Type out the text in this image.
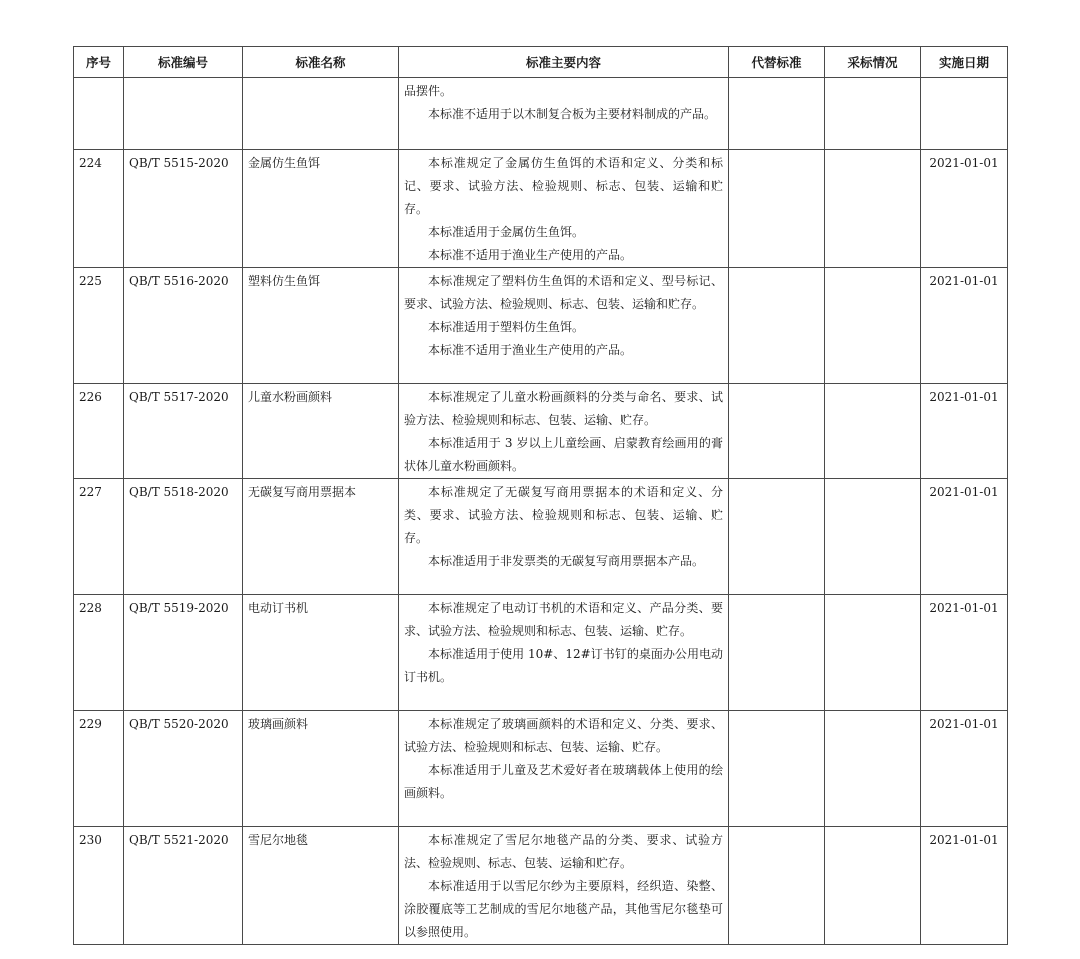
序号	标准编号	标准名称	标准主要内容	代替标准	采标情况	实施日期

			品摆件。

本标准不适用于以木制复合板为主要材料制成的产品。			

224	QB/T 5515-2020	金属仿生鱼饵	本标准规定了金属仿生鱼饵的术语和定义、分类和标记、要求、试验方法、检验规则、标志、包装、运输和贮存。

本标准适用于金属仿生鱼饵。

本标准不适用于渔业生产使用的产品。			2021-01-01
225	QB/T 5516-2020	塑料仿生鱼饵	本标准规定了塑料仿生鱼饵的术语和定义、型号标记、要求、试验方法、检验规则、标志、包装、运输和贮存。

本标准适用于塑料仿生鱼饵。

本标准不适用于渔业生产使用的产品。			2021-01-01
226	QB/T 5517-2020	儿童水粉画颜料	本标准规定了儿童水粉画颜料的分类与命名、要求、试验方法、检验规则和标志、包装、运输、贮存。

本标准适用于 3 岁以上儿童绘画、启蒙教育绘画用的膏状体儿童水粉画颜料。			2021-01-01
227	QB/T 5518-2020	无碳复写商用票据本	本标准规定了无碳复写商用票据本的术语和定义、分类、要求、试验方法、检验规则和标志、包装、运输、贮存。

本标准适用于非发票类的无碳复写商用票据本产品。			2021-01-01
228	QB/T 5519-2020	电动订书机	本标准规定了电动订书机的术语和定义、产品分类、要求、试验方法、检验规则和标志、包装、运输、贮存。

本标准适用于使用 10#、12#订书钉的桌面办公用电动订书机。			2021-01-01
229	QB/T 5520-2020	玻璃画颜料	本标准规定了玻璃画颜料的术语和定义、分类、要求、试验方法、检验规则和标志、包装、运输、贮存。

本标准适用于儿童及艺术爱好者在玻璃载体上使用的绘画颜料。			2021-01-01
230	QB/T 5521-2020	雪尼尔地毯	本标准规定了雪尼尔地毯产品的分类、要求、试验方法、检验规则、标志、包装、运输和贮存。

本标准适用于以雪尼尔纱为主要原料，经织造、染整、涂胶覆底等工艺制成的雪尼尔地毯产品，其他雪尼尔毯垫可以参照使用。			2021-01-01
